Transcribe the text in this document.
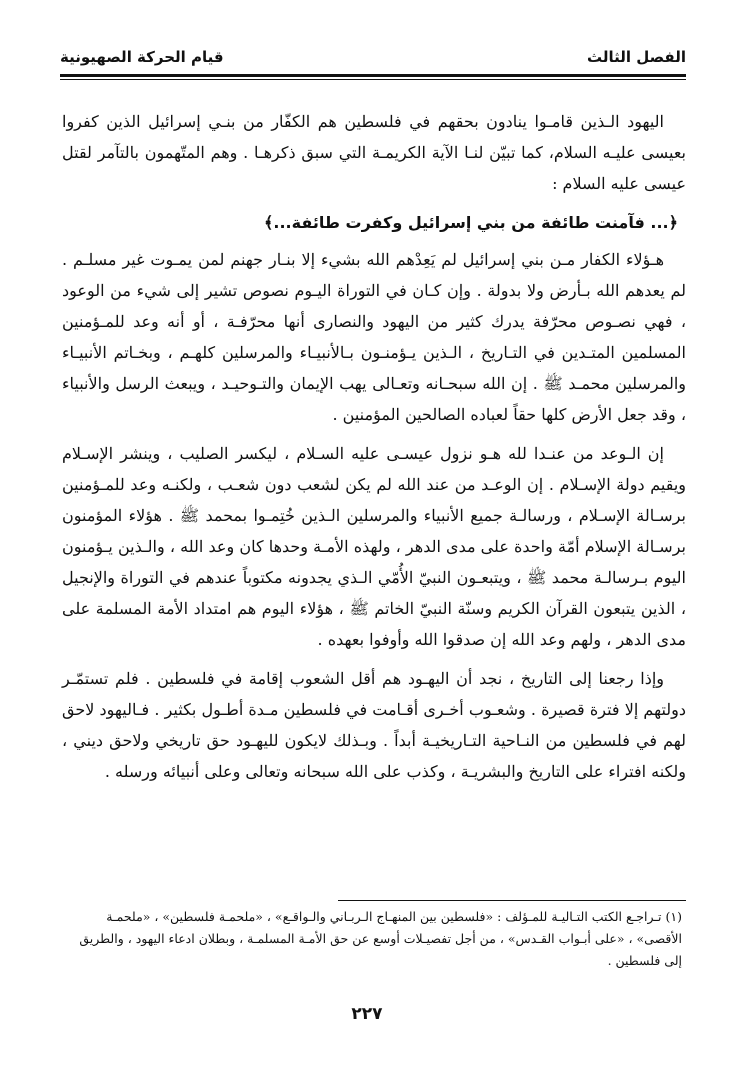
الفصل الثالث
قيام الحركة الصهيونية

اليهود الـذين قامـوا ينادون بحقهم في فلسطين هم الكفّار من بنـي إسرائيل الذين كفروا بعيسى عليـه السلام، كما تبيّن لنـا الآية الكريمـة التي سبق ذكرهـا . وهم المتّهمون بالتآمر لقتل عيسى عليه السلام :

﴿... فآمنت طائفة من بني إسرائيل وكفرت طائفة...﴾

هـؤلاء الكفار مـن بني إسرائيل لم يَعِدْهم الله بشيء إلا بنـار جهنم لمن يمـوت غير مسلـم . لم يعدهم الله بـأرض ولا بدولة . وإن كـان في التوراة اليـوم نصوص تشير إلى شيء من الوعود ، فهي نصـوص محرّفة يدرك كثير من اليهود والنصارى أنها محرّفـة ، أو أنه وعد للمـؤمنين المسلمين المتـدين في التـاريخ ، الـذين يـؤمنـون بـالأنبيـاء والمرسلين كلهـم ، وبخـاتم الأنبيـاء والمرسلين محمـد ﷺ . إن الله سبحـانه وتعـالى يهب الإيمان والتـوحيـد ، ويبعث الرسل والأنبياء ، وقد جعل الأرض كلها حقاً لعباده الصالحين المؤمنين .

إن الـوعد من عنـدا لله هـو نزول عيسـى عليه السـلام ، ليكسر الصليب ، وينشر الإسـلام ويقيم دولة الإسـلام . إن الوعـد من عند الله لم يكن لشعب دون شعـب ، ولكنـه وعد للمـؤمنين برسـالة الإسـلام ، ورسالـة جميع الأنبياء والمرسلين الـذين خُتِمـوا بمحمد ﷺ . هؤلاء المؤمنون برسـالة الإسلام أمّة واحدة على مدى الدهر ، ولهذه الأمـة وحدها كان وعد الله ، والـذين يـؤمنون اليوم بـرسالـة محمد ﷺ ، ويتبعـون النبيّ الأُمّي الـذي يجدونه مكتوباً عندهم في التوراة والإنجيل ، الذين يتبعون القرآن الكريم وسنّة النبيّ الخاتم ﷺ ، هؤلاء اليوم هم امتداد الأمة المسلمة على مدى الدهر ، ولهم وعد الله إن صدقوا الله وأوفوا بعهده .

وإذا رجعنا إلى التاريخ ، نجد أن اليهـود هم أقل الشعوب إقامة في فلسطين . فلم تستمّـر دولتهم إلا فترة قصيرة . وشعـوب أخـرى أقـامت في فلسطين مـدة أطـول بكثير . فـاليهود لاحق لهم في فلسطين من النـاحية التـاريخيـة أبداً . وبـذلك لايكون لليهـود حق تاريخي ولاحق ديني ، ولكنه افتراء على التاريخ والبشريـة ، وكذب على الله سبحانه وتعالى وعلى أنبيائه ورسله .

(١) تـراجـع الكتب التـاليـة للمـؤلف : «فلسطين بين المنهـاج الـربـاني والـواقـع» ، «ملحمـة فلسطين» ، «ملحمـة الأقصى» ، «على أبـواب القـدس» ، من أجل تفصيـلات أوسع عن حق الأمـة المسلمـة ، وبطلان ادعاء اليهود ، والطريق إلى فلسطين .

٢٢٧
